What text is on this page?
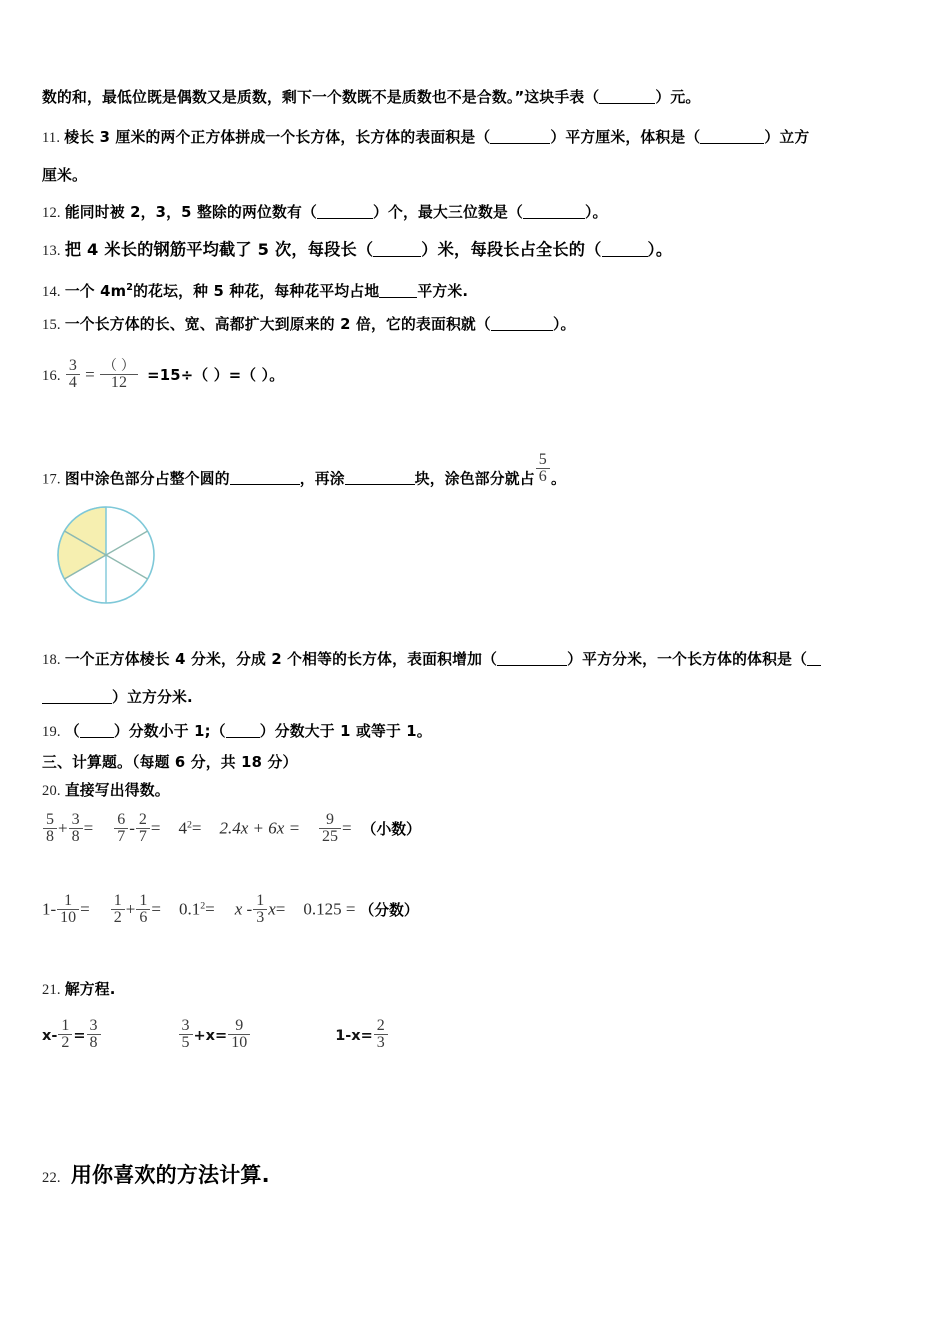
数的和，最低位既是偶数又是质数，剩下一个数既不是质数也不是合数。”这块手表（	）元。
11. 棱长 3 厘米的两个正方体拼成一个长方体，长方体的表面积是（	）平方厘米，体积是（	）立方
厘米。
12. 能同时被 2，3，5 整除的两位数有（	）个，最大三位数是（	）。
13. 把 4 米长的钢筋平均截了 5 次，每段长（	）米，每段长占全长的（	）。
14. 一个 $4m^2$的花坛，种 5 种花，每种花平均占地	平方米.
15. 一个长方体的长、宽、高都扩大到原来的 2 倍，它的表面积就（	）。
16. $\frac{3}{4} = \frac{( )}{12} =15\div$（ ）=（ ）。
17. 图中涂色部分占整个圆的	，再涂	块，涂色部分就占 $\frac{5}{6}$ 。
18. 一个正方体棱长 4 分米，分成 2 个相等的长方体，表面积增加（	）平方分米，一个长方体的体积是（
）立方分米.
19. （ ）分数小于 1;（ ）分数大于 1 或等于 1。
三、计算题。（每题 6 分，共 18 分）
20. 直接写出得数。
$\frac{5}{8} + \frac{3}{8} = \frac{6}{7} - \frac{2}{7} = 4^2= 2.4x + 6x = \frac{9}{25}$ = （小数）
$1- \frac{1}{10} = \frac{1}{2} + \frac{1}{6} = 0.1^2= x - \frac{1}{3} x= 0.125$ = （分数）
21. 解方程.
$x- \frac{1}{2} = \frac{3}{8}$
	$\frac{3}{5} +x= \frac{9}{10}$	$1-x= \frac{2}{3}$
22. 用你喜欢的方法计算.
